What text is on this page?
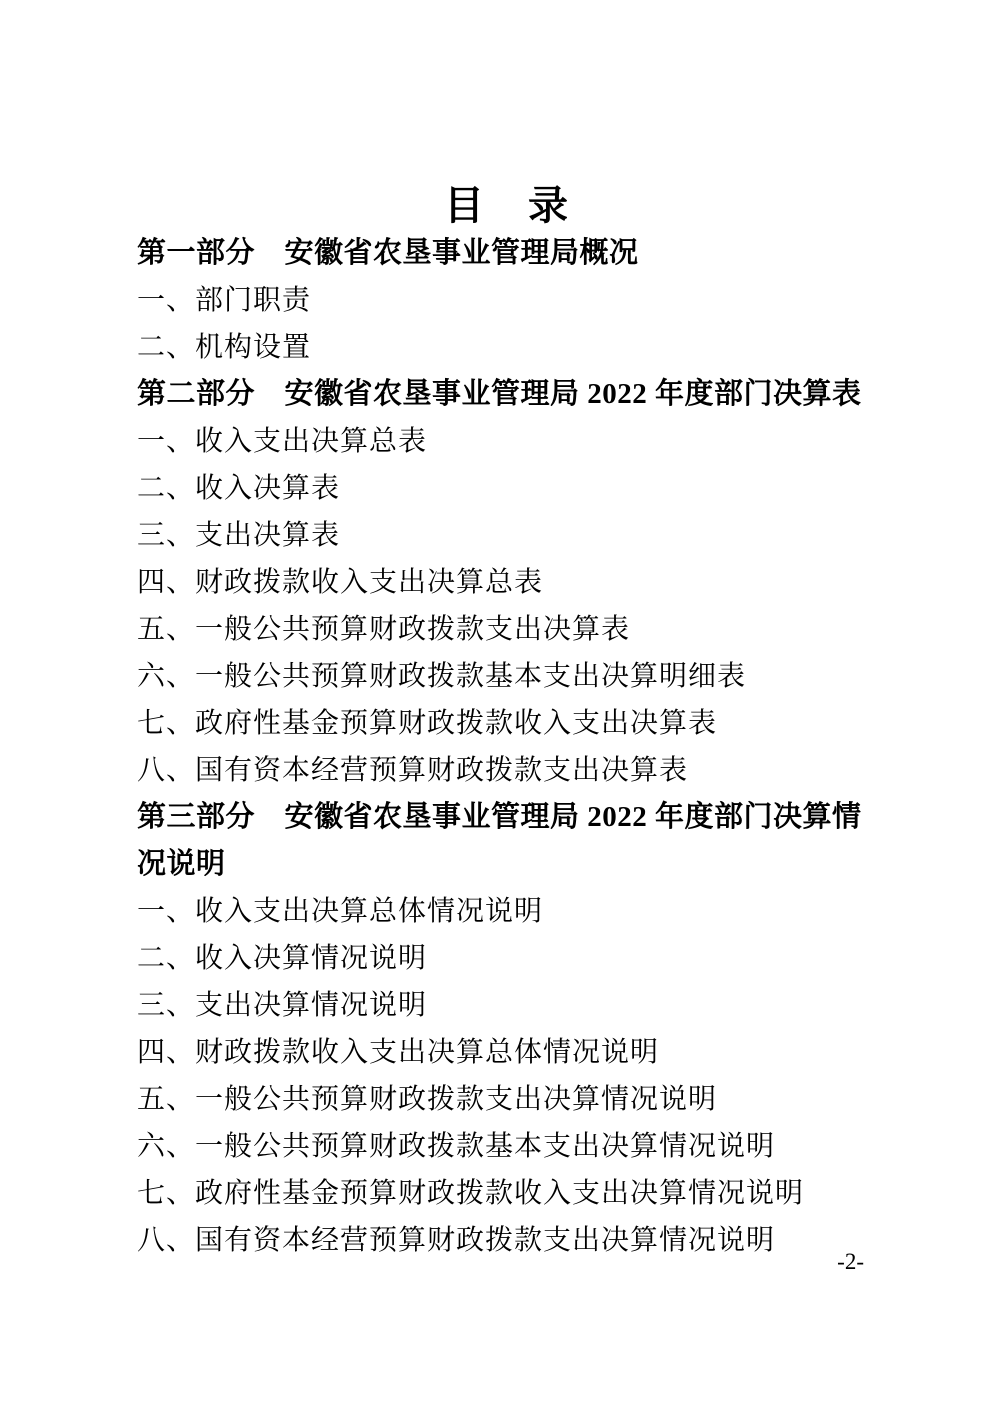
目　录
第一部分　安徽省农垦事业管理局概况
一、部门职责
二、机构设置
第二部分　安徽省农垦事业管理局 2022 年度部门决算表
一、收入支出决算总表
二、收入决算表
三、支出决算表
四、财政拨款收入支出决算总表
五、一般公共预算财政拨款支出决算表
六、一般公共预算财政拨款基本支出决算明细表
七、政府性基金预算财政拨款收入支出决算表
八、国有资本经营预算财政拨款支出决算表
第三部分　安徽省农垦事业管理局 2022 年度部门决算情况说明
一、收入支出决算总体情况说明
二、收入决算情况说明
三、支出决算情况说明
四、财政拨款收入支出决算总体情况说明
五、一般公共预算财政拨款支出决算情况说明
六、一般公共预算财政拨款基本支出决算情况说明
七、政府性基金预算财政拨款收入支出决算情况说明
八、国有资本经营预算财政拨款支出决算情况说明
-2-
